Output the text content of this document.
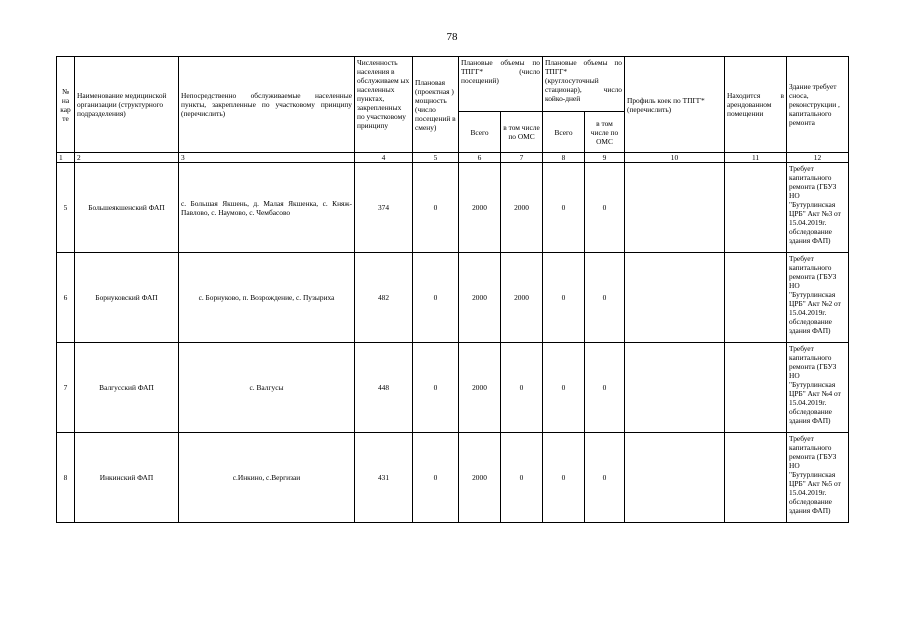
78
№ на кар те	Наименование медицинской организации (структурного подразделения)	Непосредственно обслуживаемые населенные пункты, закрепленные по участковому принципу (перечислить)	Численность населения в обслуживаем ых населенных пунктах, закрепленных по участковому принципу	Плановая (проектная ) мощность (число посещений в смену)	Плановые объемы по ТПГГ* (число посещений)		Плановые объемы по ТПГГ* (круглосуточный стационар), число койко-дней		Профиль коек по ТПГГ* (перечислить)	Находится в арендованном помещении	Здание требует сноса, реконструкции , капитального ремонта
					Всего	в том числе по ОМС	Всего	в том числе по ОМС			
1	2	3	4	5	6	7	8	9	10	11	12
5	Большеякшенский ФАП	с. Большая Якшень, д. Малая Якшенка, с. Княж-Павлово, с. Наумово, с. Чембасово	374	0	2000	2000	0	0			Требует капитального ремонта (ГБУЗ НО "Бутурлинская ЦРБ" Акт №3 от 15.04.2019г. обследование здания ФАП)
6	Борнуковский ФАП	с. Борнуково, п. Возрождение, с. Пузыриха	482	0	2000	2000	0	0			Требует капитального ремонта (ГБУЗ НО "Бутурлинская ЦРБ" Акт №2 от 15.04.2019г. обследование здания ФАП)
7	Валгусский ФАП	с. Валгусы	448	0	2000	0	0	0			Требует капитального ремонта (ГБУЗ НО "Бутурлинская ЦРБ" Акт №4 от 15.04.2019г. обследование здания ФАП)
8	Инкинский ФАП	с.Инкино, с.Вергизаи	431	0	2000	0	0	0			Требует капитального ремонта (ГБУЗ НО "Бутурлинская ЦРБ" Акт №5 от 15.04.2019г. обследование здания ФАП)
